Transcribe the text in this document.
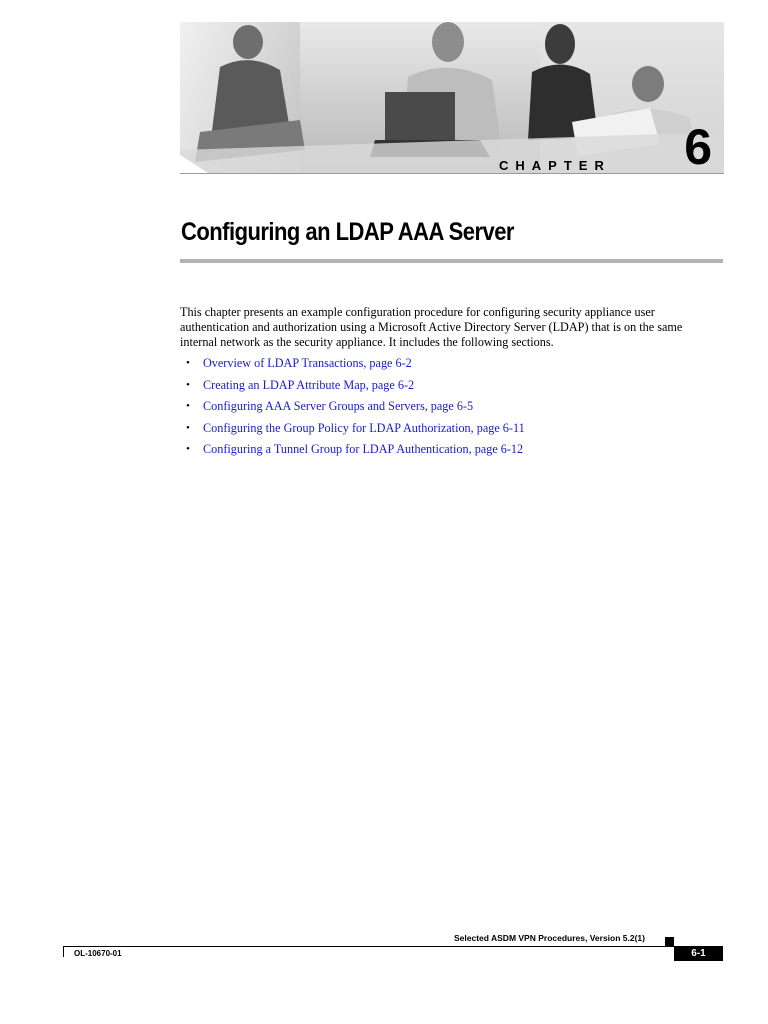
CHAPTER 6
Configuring an LDAP AAA Server
This chapter presents an example configuration procedure for configuring security appliance user
authentication and authorization using a Microsoft Active Directory Server (LDAP) that is on the same
internal network as the security appliance. It includes the following sections.
• Overview of LDAP Transactions, page 6-2
• Creating an LDAP Attribute Map, page 6-2
• Configuring AAA Server Groups and Servers, page 6-5
• Configuring the Group Policy for LDAP Authorization, page 6-11
• Configuring a Tunnel Group for LDAP Authentication, page 6-12
Selected ASDM VPN Procedures, Version 5.2(1)
OL-10670-01	6-1
